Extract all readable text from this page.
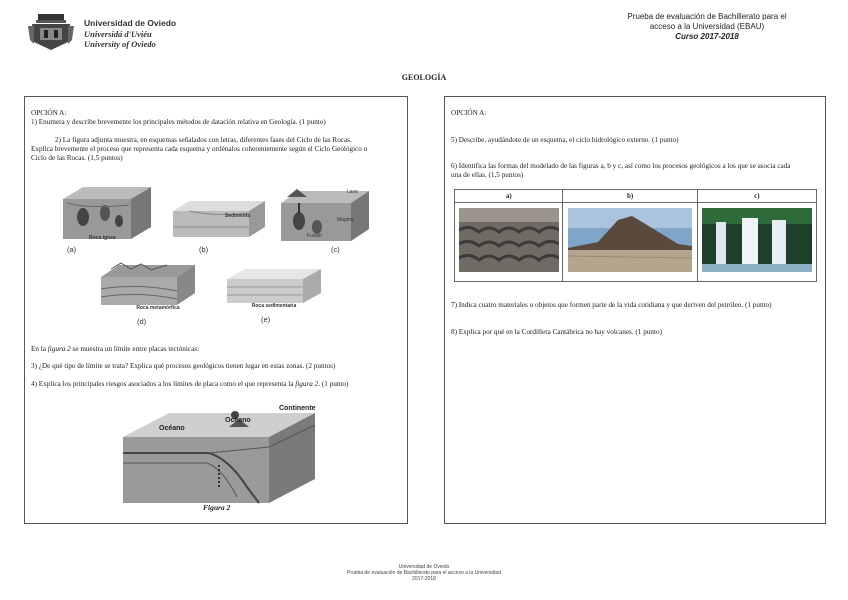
Universidad de Oviedo
Universidá d'Uviéu
University of Oviedo
Prueba de evaluación de Bachillerato para el
acceso a la Universidad (EBAU)
Curso 2017-2018
GEOLOGÍA
OPCIÓN A:
1) Enumera y describe brevemente los principales métodos de datación relativa en Geología. (1 punto)
2) La figura adjunta muestra, en esquemas señalados con letras, diferentes fases del Ciclo de las Rocas.
Explica brevemente el proceso que representa cada esquema y ordénalos coherentemente según el Ciclo Geológico o
Ciclo de las Rocas. (1,5 puntos)
Roca ígnea
(a)
Sedimento
(b)
Lava
Magma
Fusión
(c)
Roca metamórfica
(d)
Roca sedimentaria
(e)
En la figura 2 se muestra un límite entre placas tectónicas:
3) ¿De qué tipo de límite se trata? Explica qué procesos geológicos tienen lugar en estas zonas. (2 puntos)
4) Explica los principales riesgos asociados a los límites de placa como el que representa la figura 2. (1 punto)
Océano
Océano
Continente
Figura 2
OPCIÓN A:
5) Describe, ayudándote de un esquema, el ciclo hidrológico externo. (1 punto)
6) Identifica las formas del modelado de las figuras a, b y c, así como los procesos geológicos a los que se asocia cada
una de ellas. (1,5 puntos)
a)	b)	c)

7) Indica cuatro materiales u objetos que formen parte de la vida cotidiana y que deriven del petróleo. (1 punto)
8) Explica por qué en la Cordillera Cantábrica no hay volcanes. (1 punto)
Universidad de Oviedo
Prueba de evaluación de Bachillerato para el acceso a la Universidad
2017-2018
